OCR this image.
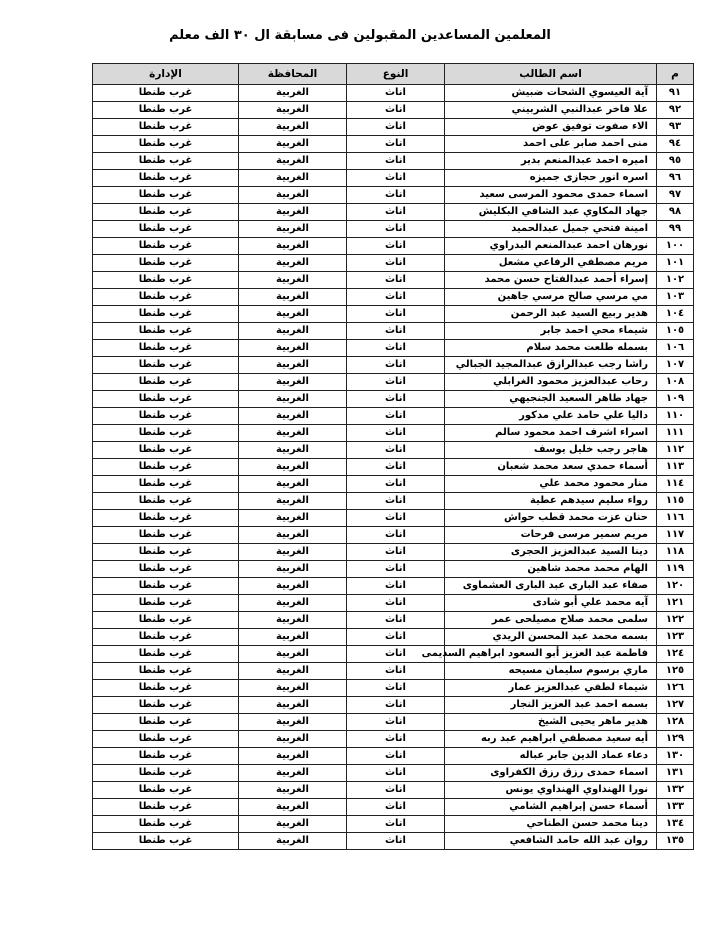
المعلمين المساعدين المقبولين فى مسابقة ال ٣٠ الف معلم
م	اسم الطالب	النوع	المحافظة	الإدارة
٩١	آية العيسوي الشحات ضبيش	اناث	الغربية	غرب طنطا
٩٢	علا فاخر عبدالنبي الشربيني	اناث	الغربية	غرب طنطا
٩٣	الاء صفوت توفيق عوض	اناث	الغربية	غرب طنطا
٩٤	منى احمد صابر على احمد	اناث	الغربية	غرب طنطا
٩٥	اميره احمد عبدالمنعم بدير	اناث	الغربية	غرب طنطا
٩٦	اسره انور حجازى جميزه	اناث	الغربية	غرب طنطا
٩٧	اسماء حمدى محمود المرسى سعيد	اناث	الغربية	غرب طنطا
٩٨	جهاد المكاوي عبد الشافي البكليش	اناث	الغربية	غرب طنطا
٩٩	امينة فتحي جميل عبدالحميد	اناث	الغربية	غرب طنطا
١٠٠	نورهان احمد عبدالمنعم البدراوي	اناث	الغربية	غرب طنطا
١٠١	مريم مصطفي الرفاعي مشعل	اناث	الغربية	غرب طنطا
١٠٢	إسراء أحمد عبدالفتاح حسن محمد	اناث	الغربية	غرب طنطا
١٠٣	مي مرسي صالح مرسي جاهين	اناث	الغربية	غرب طنطا
١٠٤	هدير ربيع السيد عبد الرحمن	اناث	الغربية	غرب طنطا
١٠٥	شيماء محي احمد جابر	اناث	الغربية	غرب طنطا
١٠٦	بسمله طلعت محمد سلام	اناث	الغربية	غرب طنطا
١٠٧	راشا رجب عبدالرازق عبدالمجيد الجبالي	اناث	الغربية	غرب طنطا
١٠٨	رحاب عبدالعزيز محمود الغرابلي	اناث	الغربية	غرب طنطا
١٠٩	جهاد طاهر السعيد الجنجيهي	اناث	الغربية	غرب طنطا
١١٠	داليا علي حامد علي مدكور	اناث	الغربية	غرب طنطا
١١١	اسراء اشرف احمد محمود سالم	اناث	الغربية	غرب طنطا
١١٢	هاجر رجب خليل يوسف	اناث	الغربية	غرب طنطا
١١٣	أسماء حمدي سعد محمد شعبان	اناث	الغربية	غرب طنطا
١١٤	منار محمود محمد علي	اناث	الغربية	غرب طنطا
١١٥	رواء سليم سيدهم عطية	اناث	الغربية	غرب طنطا
١١٦	حنان عزت محمد قطب حواش	اناث	الغربية	غرب طنطا
١١٧	مريم سمير مرسى فرحات	اناث	الغربية	غرب طنطا
١١٨	دينا السيد عبدالعزيز الحجرى	اناث	الغربية	غرب طنطا
١١٩	الهام محمد محمد شاهين	اناث	الغربية	غرب طنطا
١٢٠	صفاء عبد البارى عبد البارى العشماوى	اناث	الغربية	غرب طنطا
١٢١	آيه محمد علي أبو شادى	اناث	الغربية	غرب طنطا
١٢٢	سلمى محمد صلاح مصيلحى عمر	اناث	الغربية	غرب طنطا
١٢٣	بسمه محمد عبد المحسن الريدي	اناث	الغربية	غرب طنطا
١٢٤	فاطمة عبد العزيز أبو السعود ابراهيم السديمى	اناث	الغربية	غرب طنطا
١٢٥	ماري برسوم سليمان مسيحه	اناث	الغربية	غرب طنطا
١٢٦	شيماء لطفي عبدالعزيز عمار	اناث	الغربية	غرب طنطا
١٢٧	بسمه احمد عبد العزيز النجار	اناث	الغربية	غرب طنطا
١٢٨	هدير ماهر يحيى الشيخ	اناث	الغربية	غرب طنطا
١٢٩	أيه سعيد مصطفي ابراهيم عبد ربه	اناث	الغربية	غرب طنطا
١٣٠	دعاء عماد الدين جابر عباله	اناث	الغربية	غرب طنطا
١٣١	اسماء حمدى رزق رزق الكفراوى	اناث	الغربية	غرب طنطا
١٣٢	نورا الهنداوي الهنداوي يونس	اناث	الغربية	غرب طنطا
١٣٣	أسماء حسن إبراهيم الشامي	اناث	الغربية	غرب طنطا
١٣٤	دينا محمد حسن الطناحي	اناث	الغربية	غرب طنطا
١٣٥	روان عبد الله حامد الشافعي	اناث	الغربية	غرب طنطا
